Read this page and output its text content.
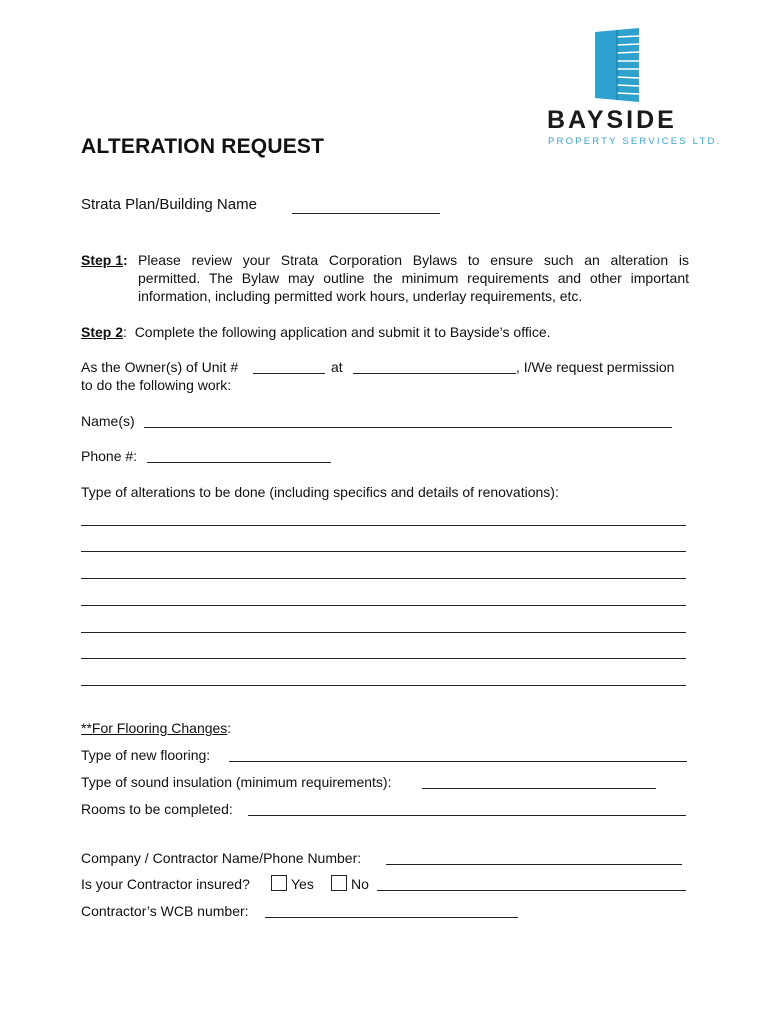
BAYSIDE
PROPERTY SERVICES LTD.
ALTERATION REQUEST
Strata Plan/Building Name
Step 1: Please review your Strata Corporation Bylaws to ensure such an alteration is
permitted. The Bylaw may outline the minimum requirements and other important
information, including permitted work hours, underlay requirements, etc.
Step 2:  Complete the following application and submit it to Bayside’s office.
As the Owner(s) of Unit #	at	, I/We request permission
to do the following work:
Name(s)
Phone #:
Type of alterations to be done (including specifics and details of renovations):
**For Flooring Changes:
Type of new flooring:
Type of sound insulation (minimum requirements):
Rooms to be completed:
Company / Contractor Name/Phone Number:
Is your Contractor insured?	Yes	No
Contractor’s WCB number:
